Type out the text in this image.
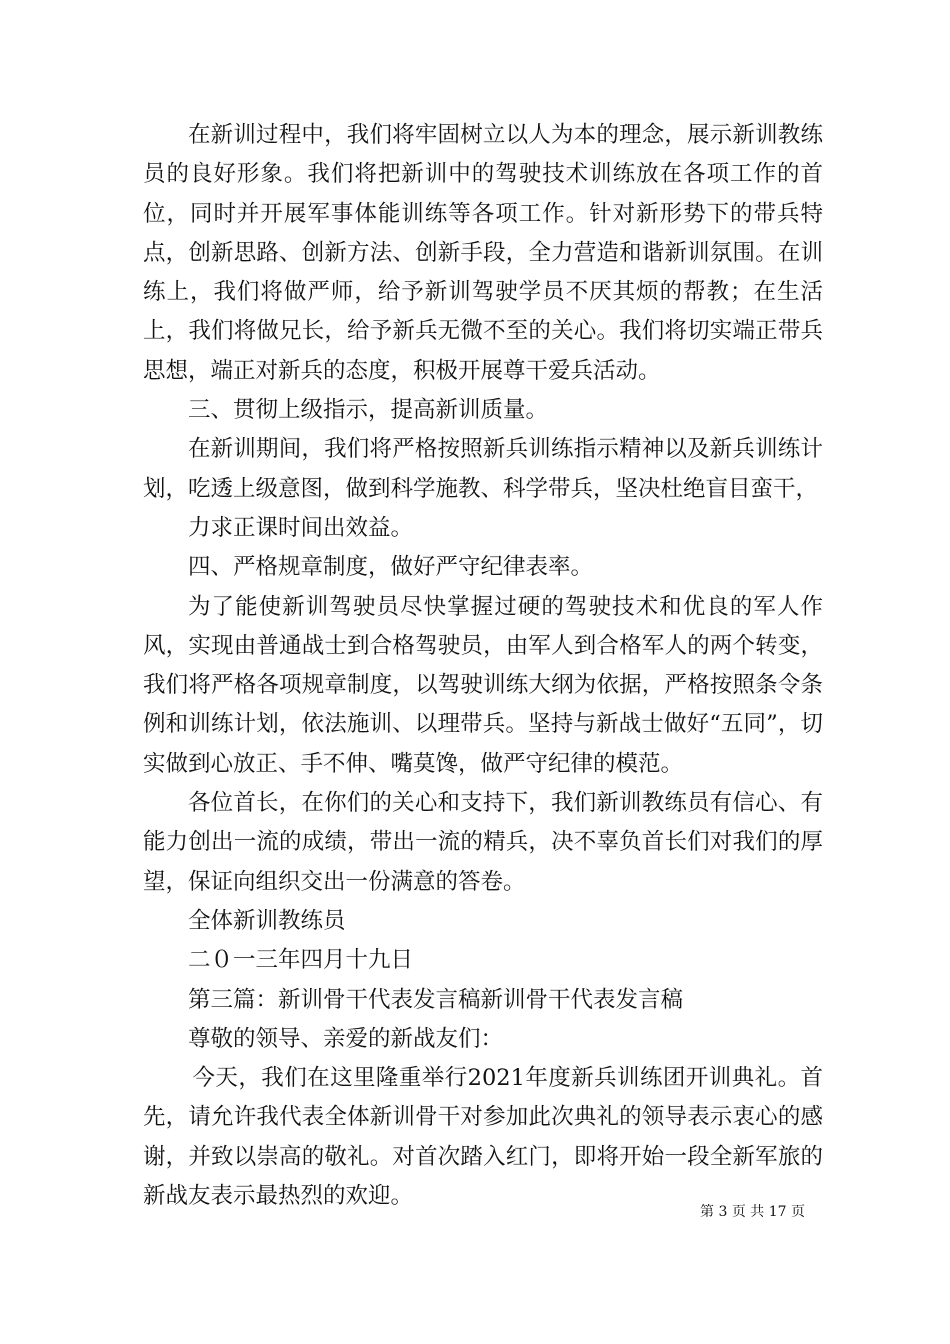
在新训过程中，我们将牢固树立以人为本的理念，展示新训教练员的良好形象。我们将把新训中的驾驶技术训练放在各项工作的首位，同时并开展军事体能训练等各项工作。针对新形势下的带兵特点，创新思路、创新方法、创新手段，全力营造和谐新训氛围。在训练上，我们将做严师，给予新训驾驶学员不厌其烦的帮教；在生活上，我们将做兄长，给予新兵无微不至的关心。我们将切实端正带兵思想，端正对新兵的态度，积极开展尊干爱兵活动。

三、贯彻上级指示，提高新训质量。

在新训期间，我们将严格按照新兵训练指示精神以及新兵训练计划，吃透上级意图，做到科学施教、科学带兵，坚决杜绝盲目蛮干，

力求正课时间出效益。

四、严格规章制度，做好严守纪律表率。

为了能使新训驾驶员尽快掌握过硬的驾驶技术和优良的军人作风，实现由普通战士到合格驾驶员，由军人到合格军人的两个转变，我们将严格各项规章制度，以驾驶训练大纲为依据，严格按照条令条例和训练计划，依法施训、以理带兵。坚持与新战士做好“五同”，切实做到心放正、手不伸、嘴莫馋，做严守纪律的模范。

各位首长，在你们的关心和支持下，我们新训教练员有信心、有能力创出一流的成绩，带出一流的精兵，决不辜负首长们对我们的厚望，保证向组织交出一份满意的答卷。

全体新训教练员

二０一三年四月十九日

第三篇：新训骨干代表发言稿新训骨干代表发言稿

尊敬的领导、亲爱的新战友们：

今天，我们在这里隆重举行2021年度新兵训练团开训典礼。首先，请允许我代表全体新训骨干对参加此次典礼的领导表示衷心的感谢，并致以崇高的敬礼。对首次踏入红门，即将开始一段全新军旅的新战友表示最热烈的欢迎。

第 3 页 共 17 页
